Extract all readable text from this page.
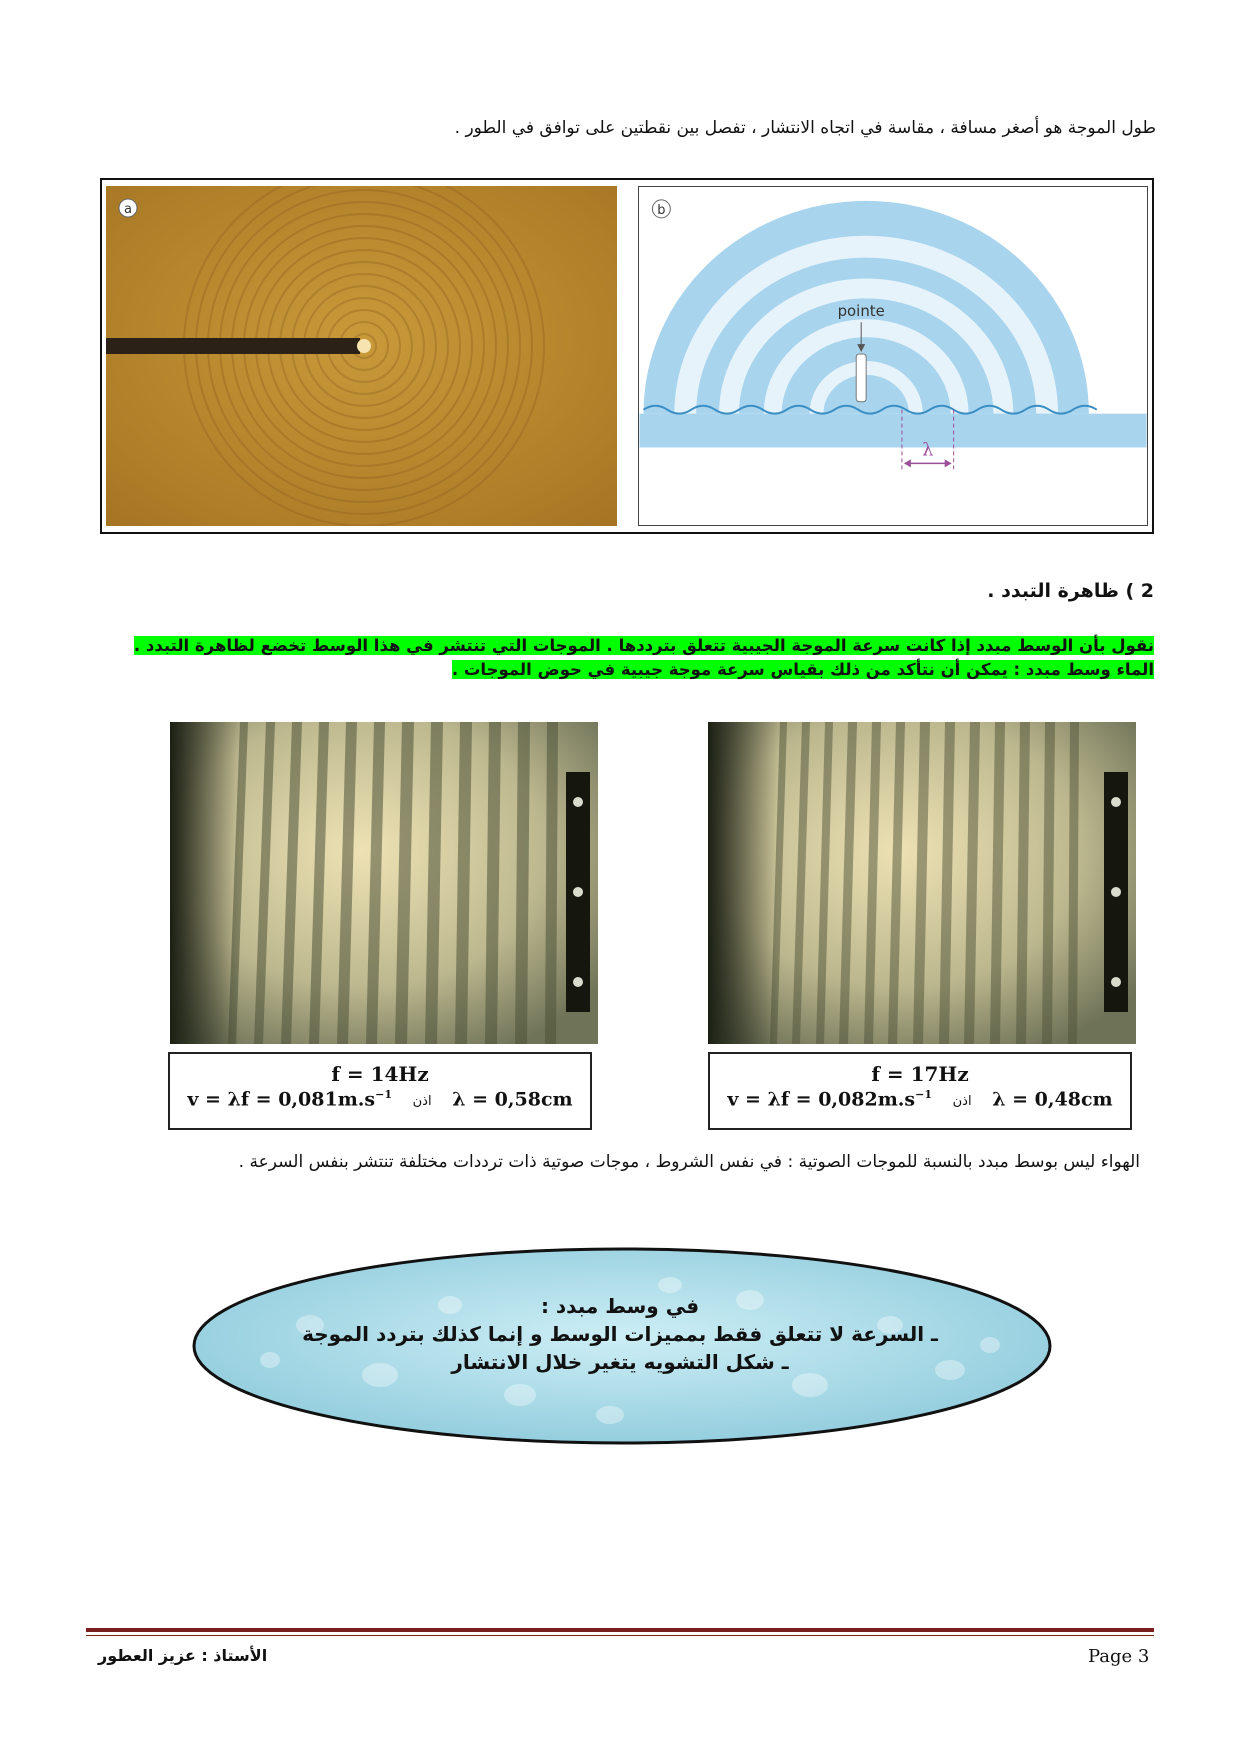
طول الموجة هو أصغر مسافة ، مقاسة في اتجاه الانتشار ، تفصل بين نقطتين على توافق في الطور .
a
pointe
λ
b
2 ) ظاهرة التبدد .
نقول بأن الوسط مبدد إذا كانت سرعة الموجة الجيبية تتعلق بترددها . الموجات التي تنتشر في هذا الوسط تخضع لظاهرة التبدد .
الماء وسط مبدد : يمكن أن نتأكد من ذلك بقياس سرعة موجة جيبية في حوض الموجات .
f = 14Hz
$v = \lambda f = 0,081m.s^{-1}$ اذن λ = 0,58cm
f = 17Hz
$v = \lambda f = 0,082m.s^{-1}$ اذن λ = 0,48cm
الهواء ليس بوسط مبدد بالنسبة للموجات الصوتية : في نفس الشروط ، موجات صوتية ذات ترددات مختلفة تنتشر بنفس السرعة .
في وسط مبدد :
ـ السرعة لا تتعلق فقط بمميزات الوسط و إنما كذلك بتردد الموجة
ـ شكل التشويه يتغير خلال الانتشار
Page 3
الأستاذ : عزيز العطور
